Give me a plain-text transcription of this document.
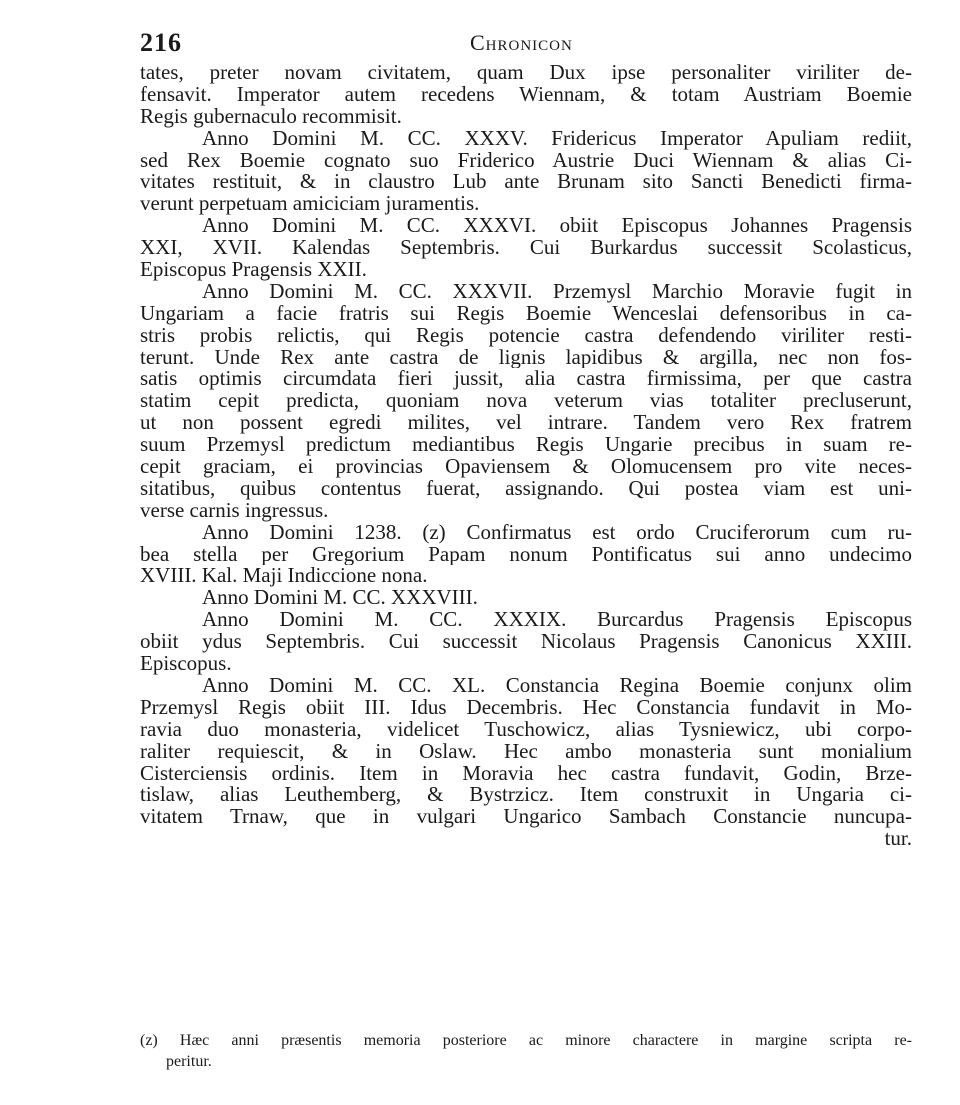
216	Chronicon
tates, preter novam civitatem, quam Dux ipse personaliter viriliter de-
fensavit. Imperator autem recedens Wiennam, & totam Austriam Boemie
Regis gubernaculo recommisit.
Anno Domini M. CC. XXXV. Fridericus Imperator Apuliam rediit,
sed Rex Boemie cognato suo Friderico Austrie Duci Wiennam & alias Ci-
vitates restituit, & in claustro Lub ante Brunam sito Sancti Benedicti firma-
verunt perpetuam amiciciam juramentis.
Anno Domini M. CC. XXXVI. obiit Episcopus Johannes Pragensis
XXI, XVII. Kalendas Septembris. Cui Burkardus successit Scolasticus,
Episcopus Pragensis XXII.
Anno Domini M. CC. XXXVII. Przemysl Marchio Moravie fugit in
Ungariam a facie fratris sui Regis Boemie Wenceslai defensoribus in ca-
stris probis relictis, qui Regis potencie castra defendendo viriliter resti-
terunt. Unde Rex ante castra de lignis lapidibus & argilla, nec non fos-
satis optimis circumdata fieri jussit, alia castra firmissima, per que castra
statim cepit predicta, quoniam nova veterum vias totaliter precluserunt,
ut non possent egredi milites, vel intrare. Tandem vero Rex fratrem
suum Przemysl predictum mediantibus Regis Ungarie precibus in suam re-
cepit graciam, ei provincias Opaviensem & Olomucensem pro vite neces-
sitatibus, quibus contentus fuerat, assignando. Qui postea viam est uni-
verse carnis ingressus.
Anno Domini 1238. (z) Confirmatus est ordo Cruciferorum cum ru-
bea stella per Gregorium Papam nonum Pontificatus sui anno undecimo
XVIII. Kal. Maji Indiccione nona.
Anno Domini M. CC. XXXVIII.
Anno Domini M. CC. XXXIX. Burcardus Pragensis Episcopus
obiit ydus Septembris. Cui successit Nicolaus Pragensis Canonicus XXIII.
Episcopus.
Anno Domini M. CC. XL. Constancia Regina Boemie conjunx olim
Przemysl Regis obiit III. Idus Decembris. Hec Constancia fundavit in Mo-
ravia duo monasteria, videlicet Tuschowicz, alias Tysniewicz, ubi corpo-
raliter requiescit, & in Oslaw. Hec ambo monasteria sunt monialium
Cisterciensis ordinis. Item in Moravia hec castra fundavit, Godin, Brze-
tislaw, alias Leuthemberg, & Bystrzicz. Item construxit in Ungaria ci-
vitatem Trnaw, que in vulgari Ungarico Sambach Constancie nuncupa-
tur.
(z) Hæc anni præsentis memoria posteriore ac minore charactere in margine scripta re-
peritur.
